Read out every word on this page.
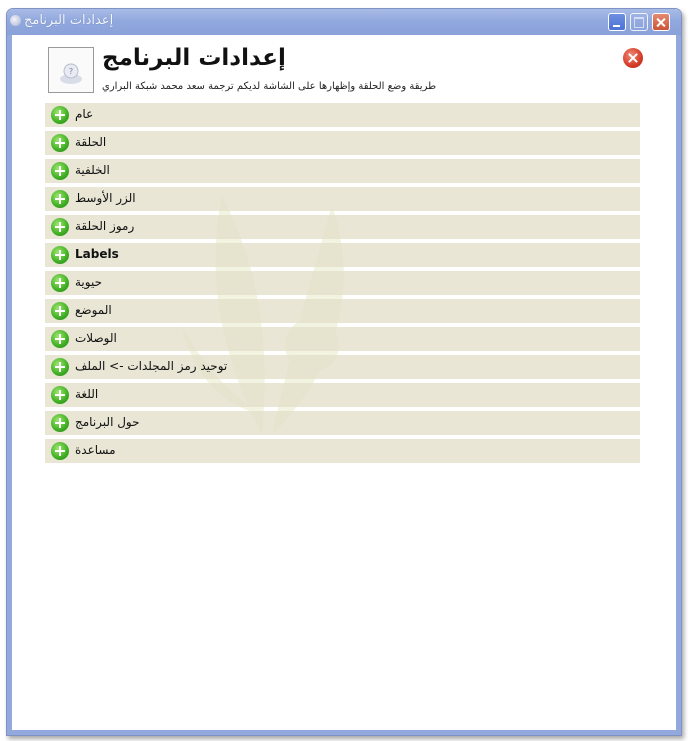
إعدادات البرنامج
?
إعدادات البرنامج
طريقة وضع الحلقة وإظهارها على الشاشة لديكم ترجمة سعد محمد شبكة البراري
عام
الحلقة
الخلفية
الزر الأوسط
رموز الحلقة
Labels
حيوية
الموضع
الوصلات
توحيد رمز المجلدات -> الملف
اللغة
حول البرنامج
مساعدة
